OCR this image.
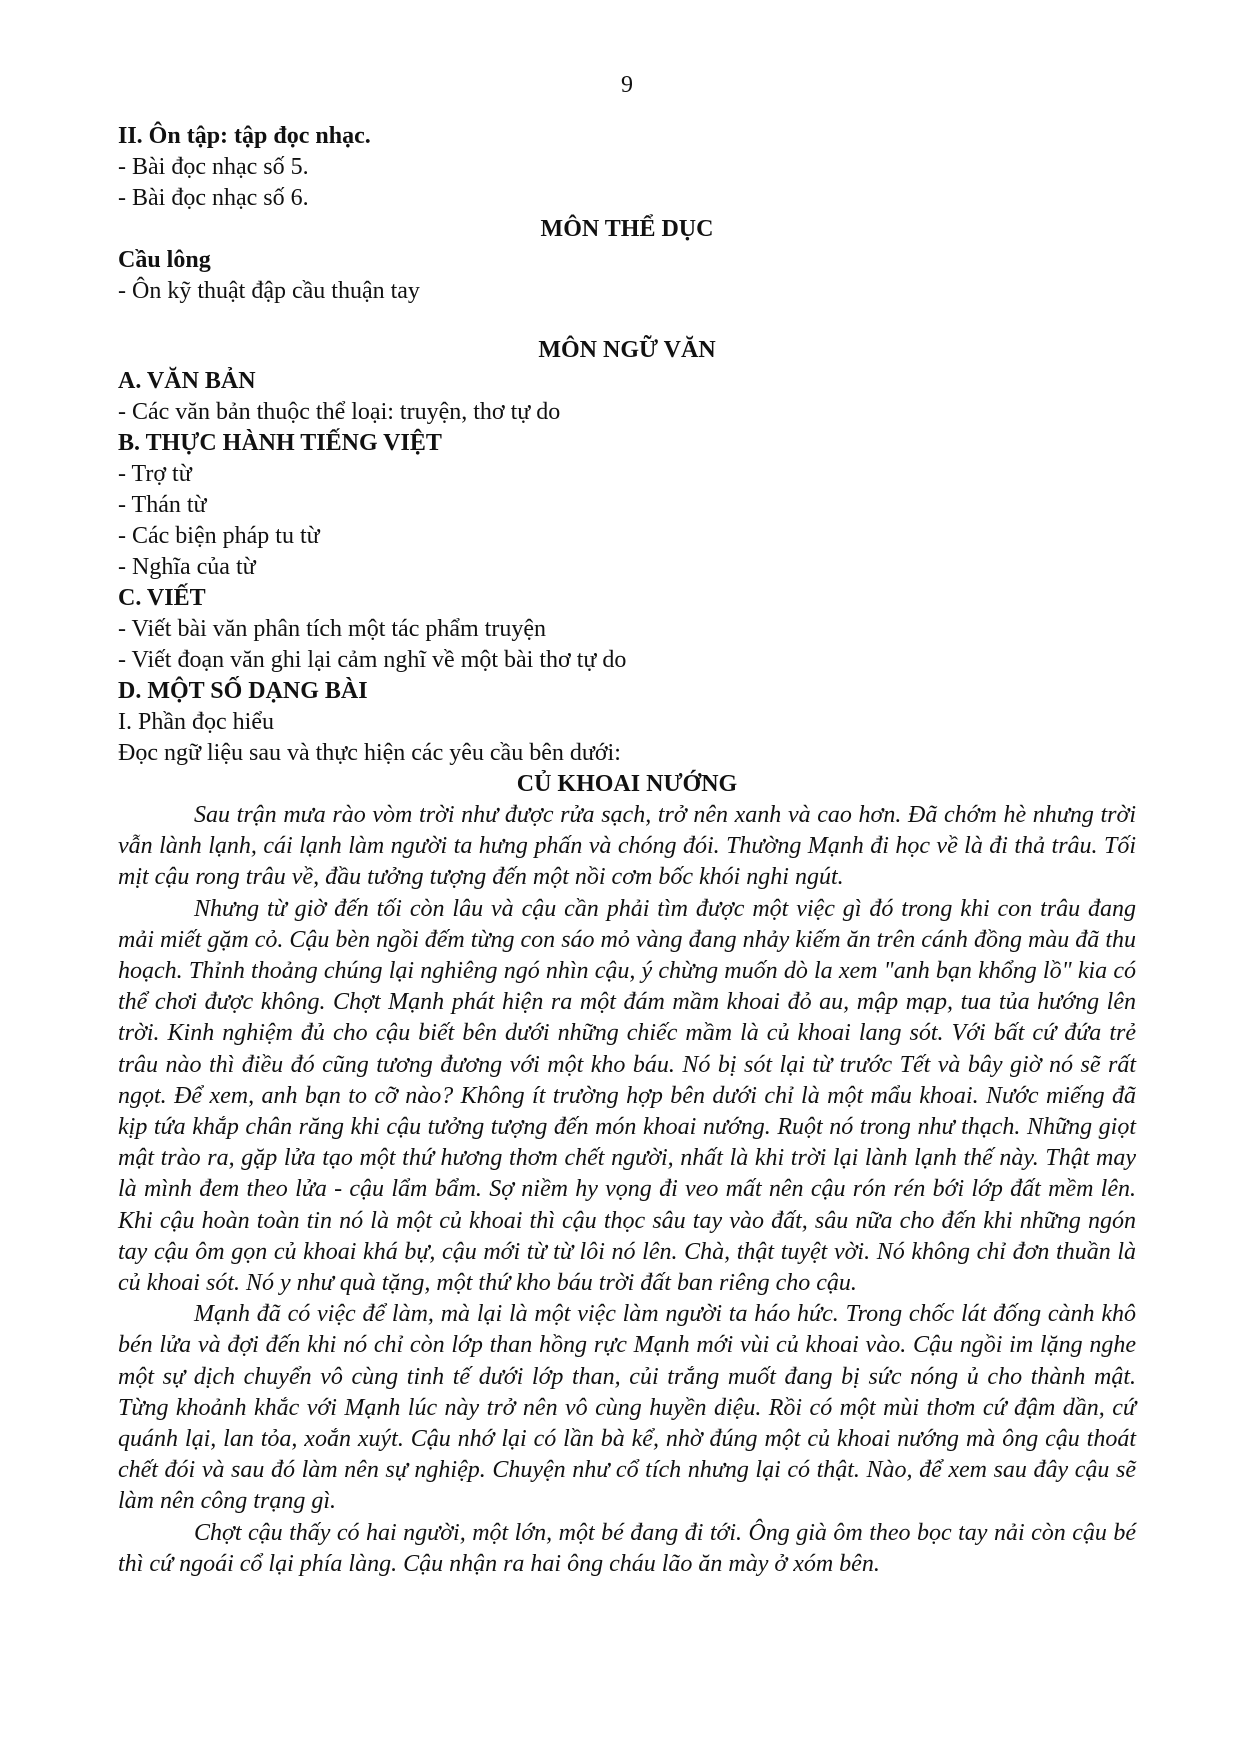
9
II. Ôn tập: tập đọc nhạc.
- Bài đọc nhạc số 5.
- Bài đọc nhạc số 6.
MÔN THỂ DỤC
Cầu lông
- Ôn kỹ thuật đập cầu thuận tay
MÔN NGỮ VĂN
A. VĂN BẢN
- Các văn bản thuộc thể loại: truyện, thơ tự do
B. THỰC HÀNH TIẾNG VIỆT
- Trợ từ
- Thán từ
- Các biện pháp tu từ
- Nghĩa của từ
C. VIẾT
- Viết bài văn phân tích một tác phẩm truyện
- Viết đoạn văn ghi lại cảm nghĩ về một bài thơ tự do
D. MỘT SỐ DẠNG BÀI
I. Phần đọc hiểu
Đọc ngữ liệu sau và thực hiện các yêu cầu bên dưới:
CỦ KHOAI NƯỚNG

Sau trận mưa rào vòm trời như được rửa sạch, trở nên xanh và cao hơn. Đã chớm hè nhưng trời vẫn lành lạnh, cái lạnh làm người ta hưng phấn và chóng đói. Thường Mạnh đi học về là đi thả trâu. Tối mịt cậu rong trâu về, đầu tưởng tượng đến một nồi cơm bốc khói nghi ngút.

Nhưng từ giờ đến tối còn lâu và cậu cần phải tìm được một việc gì đó trong khi con trâu đang mải miết gặm cỏ. Cậu bèn ngồi đếm từng con sáo mỏ vàng đang nhảy kiếm ăn trên cánh đồng màu đã thu hoạch. Thỉnh thoảng chúng lại nghiêng ngó nhìn cậu, ý chừng muốn dò la xem "anh bạn khổng lồ" kia có thể chơi được không. Chợt Mạnh phát hiện ra một đám mầm khoai đỏ au, mập mạp, tua tủa hướng lên trời. Kinh nghiệm đủ cho cậu biết bên dưới những chiếc mầm là củ khoai lang sót. Với bất cứ đứa trẻ trâu nào thì điều đó cũng tương đương với một kho báu. Nó bị sót lại từ trước Tết và bây giờ nó sẽ rất ngọt. Để xem, anh bạn to cỡ nào? Không ít trường hợp bên dưới chỉ là một mẩu khoai. Nước miếng đã kịp tứa khắp chân răng khi cậu tưởng tượng đến món khoai nướng. Ruột nó trong như thạch. Những giọt mật trào ra, gặp lửa tạo một thứ hương thơm chết người, nhất là khi trời lại lành lạnh thế này. Thật may là mình đem theo lửa - cậu lẩm bẩm. Sợ niềm hy vọng đi veo mất nên cậu rón rén bới lớp đất mềm lên. Khi cậu hoàn toàn tin nó là một củ khoai thì cậu thọc sâu tay vào đất, sâu nữa cho đến khi những ngón tay cậu ôm gọn củ khoai khá bự, cậu mới từ từ lôi nó lên. Chà, thật tuyệt vời. Nó không chỉ đơn thuần là củ khoai sót. Nó y như quà tặng, một thứ kho báu trời đất ban riêng cho cậu.

Mạnh đã có việc để làm, mà lại là một việc làm người ta háo hức. Trong chốc lát đống cành khô bén lửa và đợi đến khi nó chỉ còn lớp than hồng rực Mạnh mới vùi củ khoai vào. Cậu ngồi im lặng nghe một sự dịch chuyển vô cùng tinh tế dưới lớp than, củi trắng muốt đang bị sức nóng ủ cho thành mật. Từng khoảnh khắc với Mạnh lúc này trở nên vô cùng huyền diệu. Rồi có một mùi thơm cứ đậm dần, cứ quánh lại, lan tỏa, xoắn xuýt. Cậu nhớ lại có lần bà kể, nhờ đúng một củ khoai nướng mà ông cậu thoát chết đói và sau đó làm nên sự nghiệp. Chuyện như cổ tích nhưng lại có thật. Nào, để xem sau đây cậu sẽ làm nên công trạng gì.

Chợt cậu thấy có hai người, một lớn, một bé đang đi tới. Ông già ôm theo bọc tay nải còn cậu bé thì cứ ngoái cổ lại phía làng. Cậu nhận ra hai ông cháu lão ăn mày ở xóm bên.
